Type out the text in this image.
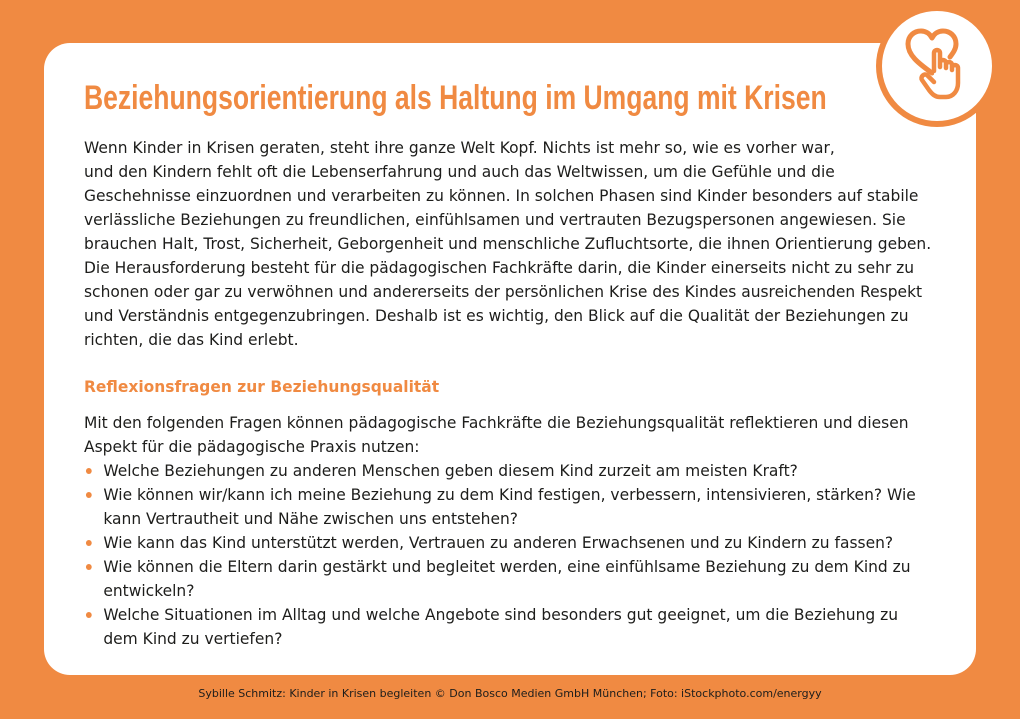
Beziehungsorientierung als Haltung im Umgang mit Krisen
Wenn Kinder in Krisen geraten, steht ihre ganze Welt Kopf. Nichts ist mehr so, wie es vorher war,
und den Kindern fehlt oft die Lebenserfahrung und auch das Weltwissen, um die Gefühle und die
Geschehnisse einzuordnen und verarbeiten zu können. In solchen Phasen sind Kinder besonders auf stabile
verlässliche Beziehungen zu freundlichen, einfühlsamen und vertrauten Bezugspersonen angewiesen. Sie
brauchen Halt, Trost, Sicherheit, Geborgenheit und menschliche Zufluchtsorte, die ihnen Orientierung geben.
Die Herausforderung besteht für die pädagogischen Fachkräfte darin, die Kinder einerseits nicht zu sehr zu
schonen oder gar zu verwöhnen und andererseits der persönlichen Krise des Kindes ausreichenden Respekt
und Verständnis entgegenzubringen. Deshalb ist es wichtig, den Blick auf die Qualität der Beziehungen zu
richten, die das Kind erlebt.
Reflexionsfragen zur Beziehungsqualität
Mit den folgenden Fragen können pädagogische Fachkräfte die Beziehungsqualität reflektieren und diesen
Aspekt für die pädagogische Praxis nutzen:
Welche Beziehungen zu anderen Menschen geben diesem Kind zurzeit am meisten Kraft?
Wie können wir/kann ich meine Beziehung zu dem Kind festigen, verbessern, intensivieren, stärken? Wie
kann Vertrautheit und Nähe zwischen uns entstehen?
Wie kann das Kind unterstützt werden, Vertrauen zu anderen Erwachsenen und zu Kindern zu fassen?
Wie können die Eltern darin gestärkt und begleitet werden, eine einfühlsame Beziehung zu dem Kind zu
entwickeln?
Welche Situationen im Alltag und welche Angebote sind besonders gut geeignet, um die Beziehung zu
dem Kind zu vertiefen?
Sybille Schmitz: Kinder in Krisen begleiten © Don Bosco Medien GmbH München; Foto: iStockphoto.com/energyy
